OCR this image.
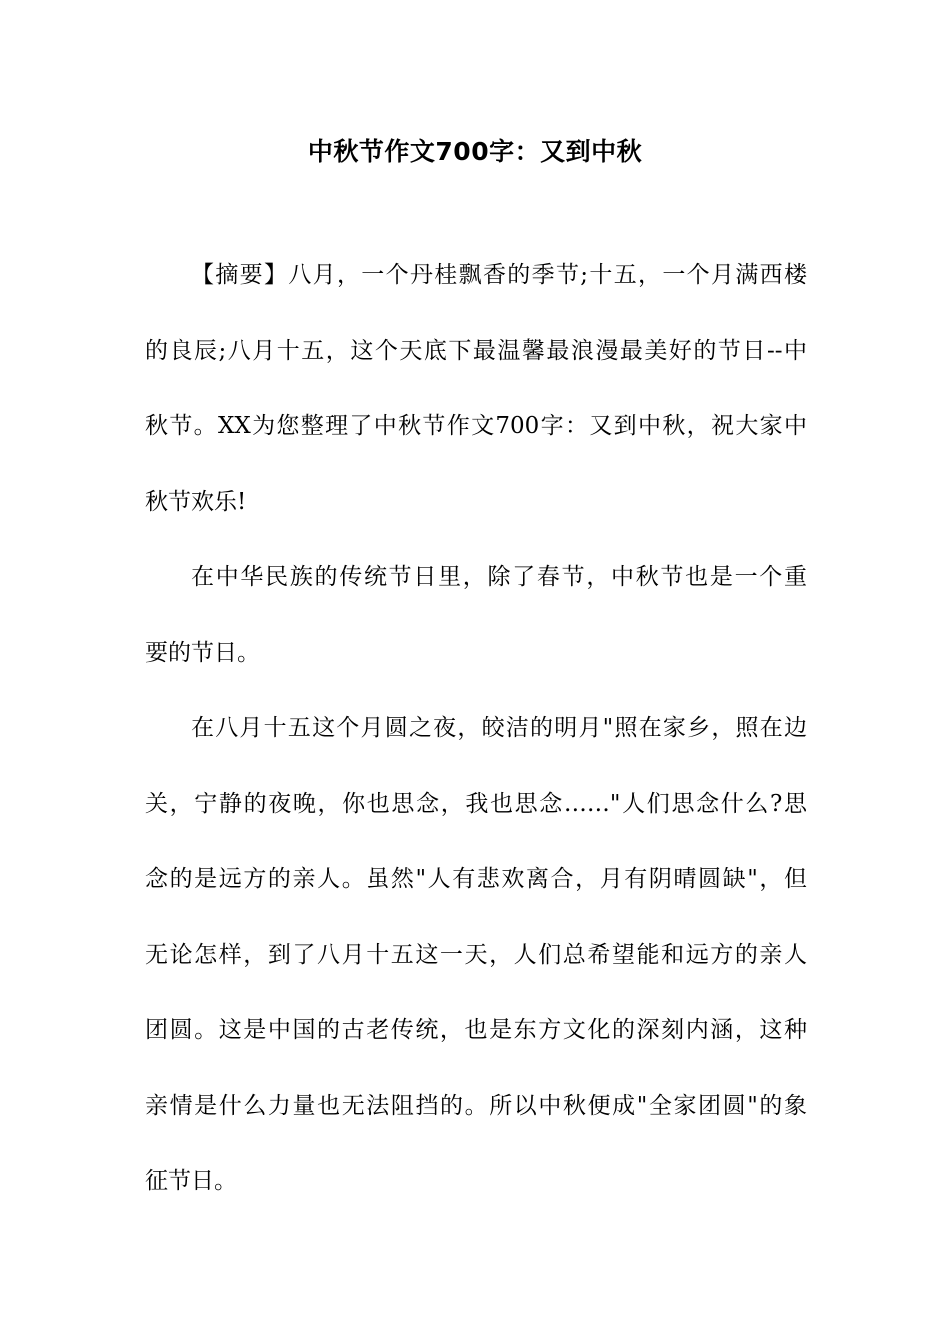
中秋节作文700字：又到中秋
【摘要】八月，一个丹桂飘香的季节;十五，一个月满西楼
的良辰;八月十五，这个天底下最温馨最浪漫最美好的节日--中
秋节。XX为您整理了中秋节作文700字：又到中秋，祝大家中
秋节欢乐!
在中华民族的传统节日里，除了春节，中秋节也是一个重
要的节日。
在八月十五这个月圆之夜，皎洁的明月"照在家乡，照在边
关，宁静的夜晚，你也思念，我也思念……"人们思念什么?思
念的是远方的亲人。虽然"人有悲欢离合，月有阴晴圆缺"，但
无论怎样，到了八月十五这一天，人们总希望能和远方的亲人
团圆。这是中国的古老传统，也是东方文化的深刻内涵，这种
亲情是什么力量也无法阻挡的。所以中秋便成"全家团圆"的象
征节日。
